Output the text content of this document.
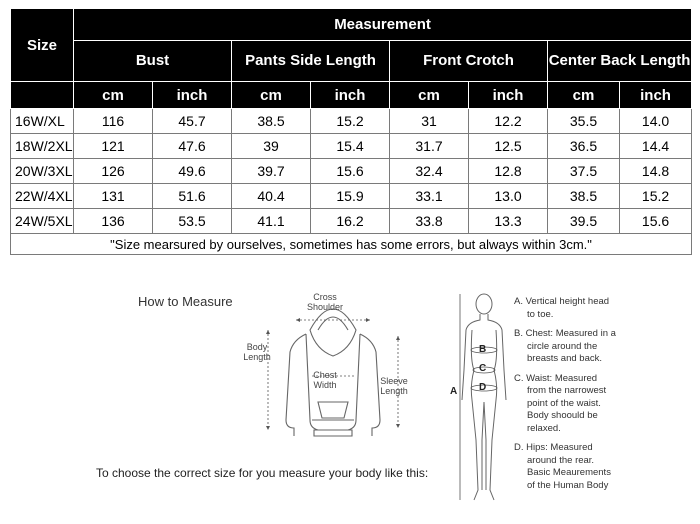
Size	Measurement							
	Bust		Pants Side Length		Front Crotch		Center Back Length	
	cm	inch	cm	inch	cm	inch	cm	inch
16W/XL	116	45.7	38.5	15.2	31	12.2	35.5	14.0
18W/2XL	121	47.6	39	15.4	31.7	12.5	36.5	14.4
20W/3XL	126	49.6	39.7	15.6	32.4	12.8	37.5	14.8
22W/4XL	131	51.6	40.4	15.9	33.1	13.0	38.5	15.2
24W/5XL	136	53.5	41.1	16.2	33.8	13.3	39.5	15.6
"Size mearsured by ourselves, sometimes has some errors, but always within 3cm."								
How to Measure	Cross Shoulder
Body Length
Chest Width	Sleeve Length
To choose the correct size for you measure your body like this:
A
B
C
D
A. Vertical height head
to toe.
B. Chest: Measured in a
circle around the
breasts and back.
C. Waist: Measured
from the narrowest
point of the waist.
Body shoould be
relaxed.
D. Hips: Measured
around the rear.
Basic Meaurements
of the Human Body
